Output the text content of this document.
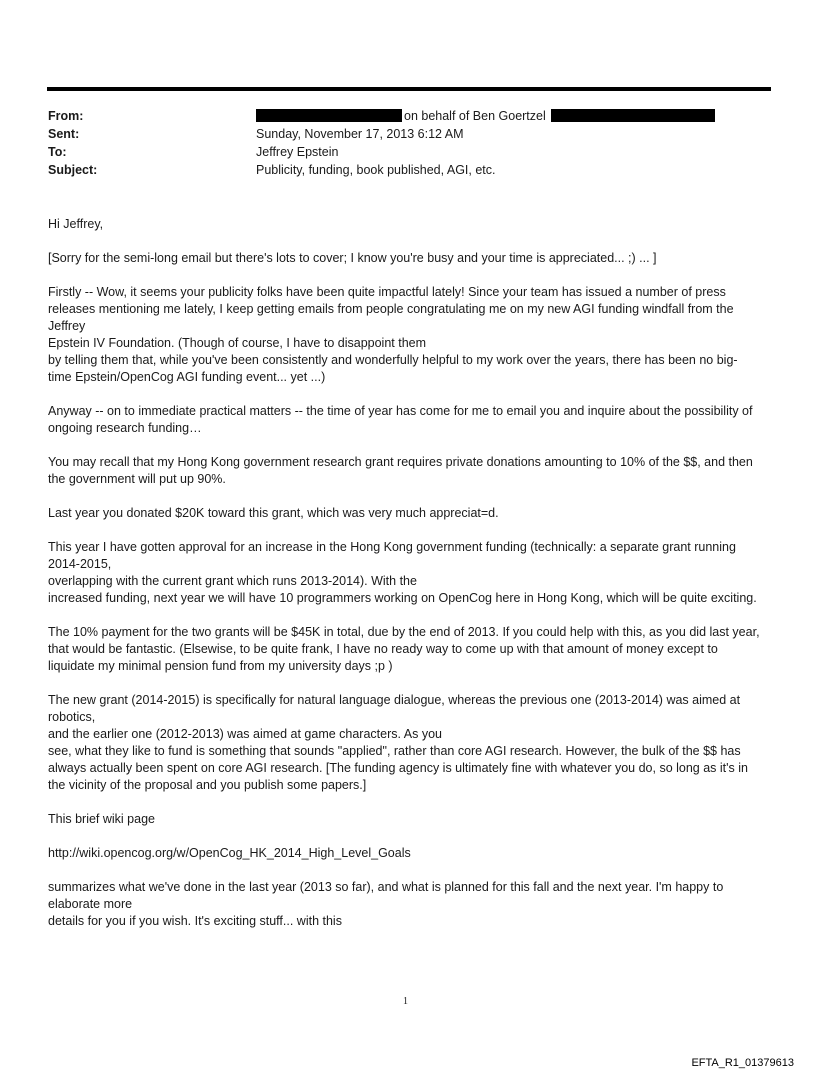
From:	on behalf of Ben Goertzel
Sent:	Sunday, November 17, 2013 6:12 AM
To:	Jeffrey Epstein
Subject:	Publicity, funding, book published, AGI, etc.

Hi Jeffrey,

[Sorry for the semi-long email but there's lots to cover; I know you're busy and your time is appreciated... ;) ... ]

Firstly -- Wow, it seems your publicity folks have been quite impactful lately! Since your team has issued a number of press releases mentioning me lately, I keep getting emails from people congratulating me on my new AGI funding windfall from the Jeffrey
Epstein IV Foundation. (Though of course, I have to disappoint them
by telling them that, while you've been consistently and wonderfully helpful to my work over the years, there has been no big-time Epstein/OpenCog AGI funding event... yet ...)

Anyway -- on to immediate practical matters -- the time of year has come for me to email you and inquire about the possibility of ongoing research funding…

You may recall that my Hong Kong government research grant requires private donations amounting to 10% of the $$, and then the government will put up 90%.

Last year you donated $20K toward this grant, which was very much appreciat=d.

This year I have gotten approval for an increase in the Hong Kong government funding (technically: a separate grant running 2014-2015,
overlapping with the current grant which runs 2013-2014). With the
increased funding, next year we will have 10 programmers working on OpenCog here in Hong Kong, which will be quite exciting.

The 10% payment for the two grants will be $45K in total, due by the end of 2013. If you could help with this, as you did last year, that would be fantastic. (Elsewise, to be quite frank, I have no ready way to come up with that amount of money except to liquidate my minimal pension fund from my university days ;p )

The new grant (2014-2015) is specifically for natural language dialogue, whereas the previous one (2013-2014) was aimed at robotics,
and the earlier one (2012-2013) was aimed at game characters. As you
see, what they like to fund is something that sounds "applied", rather than core AGI research. However, the bulk of the $$ has always actually been spent on core AGI research. [The funding agency is ultimately fine with whatever you do, so long as it's in the vicinity of the proposal and you publish some papers.]

This brief wiki page

http://wiki.opencog.org/w/OpenCog_HK_2014_High_Level_Goals

summarizes what we've done in the last year (2013 so far), and what is planned for this fall and the next year. I'm happy to elaborate more
details for you if you wish. It's exciting stuff... with this

1
EFTA_R1_01379613
